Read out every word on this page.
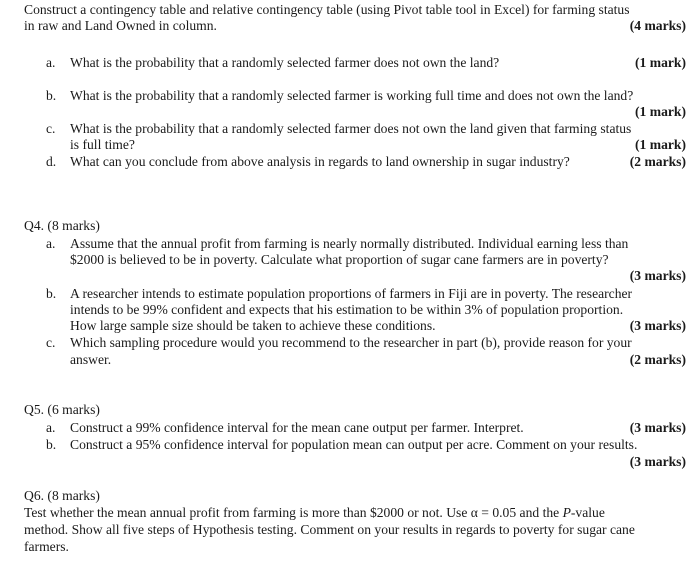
Construct a contingency table and relative contingency table (using Pivot table tool in Excel) for farming status
in raw and Land Owned in column.	(4 marks)
a. What is the probability that a randomly selected farmer does not own the land?	(1 mark)
b. What is the probability that a randomly selected farmer is working full time and does not own the land?
(1 mark)
c. What is the probability that a randomly selected farmer does not own the land given that farming status
is full time?	(1 mark)
d. What can you conclude from above analysis in regards to land ownership in sugar industry?	(2 marks)
Q4. (8 marks)
a. Assume that the annual profit from farming is nearly normally distributed. Individual earning less than
$2000 is believed to be in poverty. Calculate what proportion of sugar cane farmers are in poverty?
(3 marks)
b. A researcher intends to estimate population proportions of farmers in Fiji are in poverty. The researcher
intends to be 99% confident and expects that his estimation to be within 3% of population proportion.
How large sample size should be taken to achieve these conditions.	(3 marks)
c. Which sampling procedure would you recommend to the researcher in part (b), provide reason for your
answer.	(2 marks)
Q5. (6 marks)
a. Construct a 99% confidence interval for the mean cane output per farmer. Interpret.	(3 marks)
b. Construct a 95% confidence interval for population mean can output per acre. Comment on your results.
(3 marks)
Q6. (8 marks)
Test whether the mean annual profit from farming is more than $2000 or not. Use α = 0.05 and the P-value
method. Show all five steps of Hypothesis testing. Comment on your results in regards to poverty for sugar cane
farmers.
